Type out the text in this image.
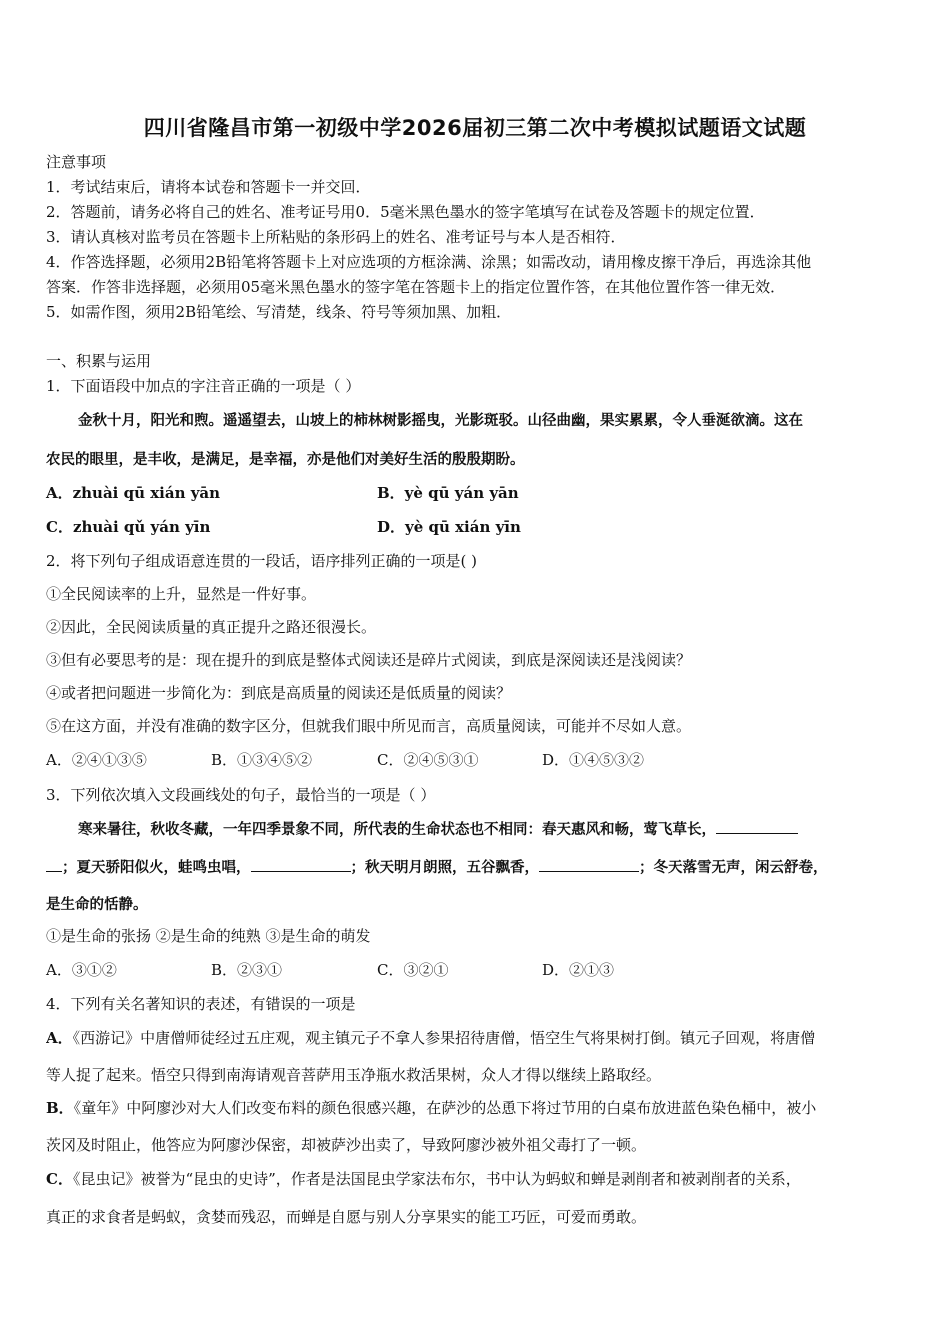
四川省隆昌市第一初级中学2026届初三第二次中考模拟试题语文试题
注意事项
1．考试结束后，请将本试卷和答题卡一并交回．
2．答题前，请务必将自己的姓名、准考证号用0．5毫米黑色墨水的签字笔填写在试卷及答题卡的规定位置．
3．请认真核对监考员在答题卡上所粘贴的条形码上的姓名、准考证号与本人是否相符．
4．作答选择题，必须用2B铅笔将答题卡上对应选项的方框涂满、涂黑；如需改动，请用橡皮擦干净后，再选涂其他
答案．作答非选择题，必须用05毫米黑色墨水的签字笔在答题卡上的指定位置作答，在其他位置作答一律无效．
5．如需作图，须用2B铅笔绘、写清楚，线条、符号等须加黑、加粗．
一、积累与运用
1．下面语段中加点的字注音正确的一项是（ ）
金秋十月，阳光和煦。遥遥望去，山坡上的柿林树影摇曳，光影斑驳。山径曲幽，果实累累，令人垂涎欲滴。这在
农民的眼里，是丰收，是满足，是幸福，亦是他们对美好生活的殷殷期盼。
A．zhuài qū xián yān	B．yè qū yán yān
C．zhuài qǔ yán yīn	D．yè qū xián yīn
2．将下列句子组成语意连贯的一段话，语序排列正确的一项是( )
①全民阅读率的上升，显然是一件好事。
②因此，全民阅读质量的真正提升之路还很漫长。
③但有必要思考的是：现在提升的到底是整体式阅读还是碎片式阅读，到底是深阅读还是浅阅读？
④或者把问题进一步简化为：到底是高质量的阅读还是低质量的阅读？
⑤在这方面，并没有准确的数字区分，但就我们眼中所见而言，高质量阅读，可能并不尽如人意。
A．②④①③⑤	B．①③④⑤②	C．②④⑤③①	D．①④⑤③②
3．下列依次填入文段画线处的句子，最恰当的一项是（ ）
寒来暑往，秋收冬藏，一年四季景象不同，所代表的生命状态也不相同：春天惠风和畅，莺飞草长，
；夏天骄阳似火，蛙鸣虫唱，	；秋天明月朗照，五谷飘香，	；冬天落雪无声，闲云舒卷，
是生命的恬静。
①是生命的张扬 ②是生命的纯熟 ③是生命的萌发
A．③①②	B．②③①	C．③②①	D．②①③
4．下列有关名著知识的表述，有错误的一项是
A．《西游记》中唐僧师徒经过五庄观，观主镇元子不拿人参果招待唐僧，悟空生气将果树打倒。镇元子回观，将唐僧
等人捉了起来。悟空只得到南海请观音菩萨用玉净瓶水救活果树，众人才得以继续上路取经。
B．《童年》中阿廖沙对大人们改变布料的颜色很感兴趣，在萨沙的怂恿下将过节用的白桌布放进蓝色染色桶中，被小
茨冈及时阻止，他答应为阿廖沙保密，却被萨沙出卖了，导致阿廖沙被外祖父毒打了一顿。
C．《昆虫记》被誉为“昆虫的史诗”，作者是法国昆虫学家法布尔，书中认为蚂蚁和蝉是剥削者和被剥削者的关系，
真正的求食者是蚂蚁，贪婪而残忍，而蝉是自愿与别人分享果实的能工巧匠，可爱而勇敢。
